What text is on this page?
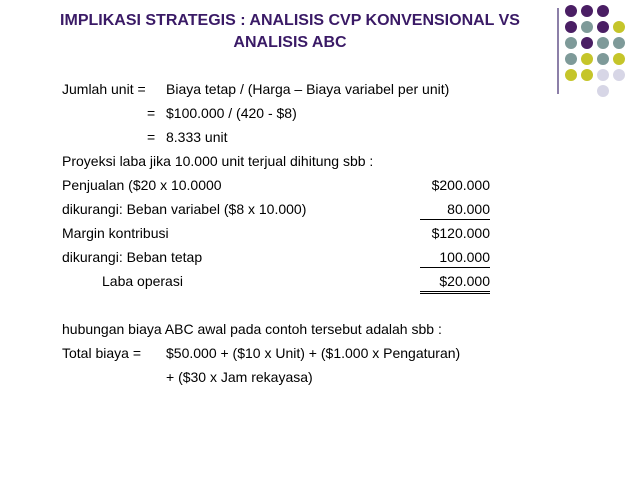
IMPLIKASI STRATEGIS : ANALISIS CVP KONVENSIONAL VS
ANALISIS ABC
Jumlah unit = Biaya tetap / (Harga – Biaya variabel per unit)
= $100.000 / (420 - $8)
= 8.333 unit
Proyeksi laba jika 10.000 unit terjual dihitung sbb :
Penjualan ($20 x 10.0000	$200.000
dikurangi: Beban variabel ($8 x 10.000)	80.000
Margin kontribusi	$120.000
dikurangi: Beban tetap	100.000
Laba operasi	$20.000
hubungan biaya ABC awal pada contoh tersebut adalah sbb :
Total biaya = $50.000 + ($10 x Unit) + ($1.000 x Pengaturan)
+ ($30 x Jam rekayasa)
